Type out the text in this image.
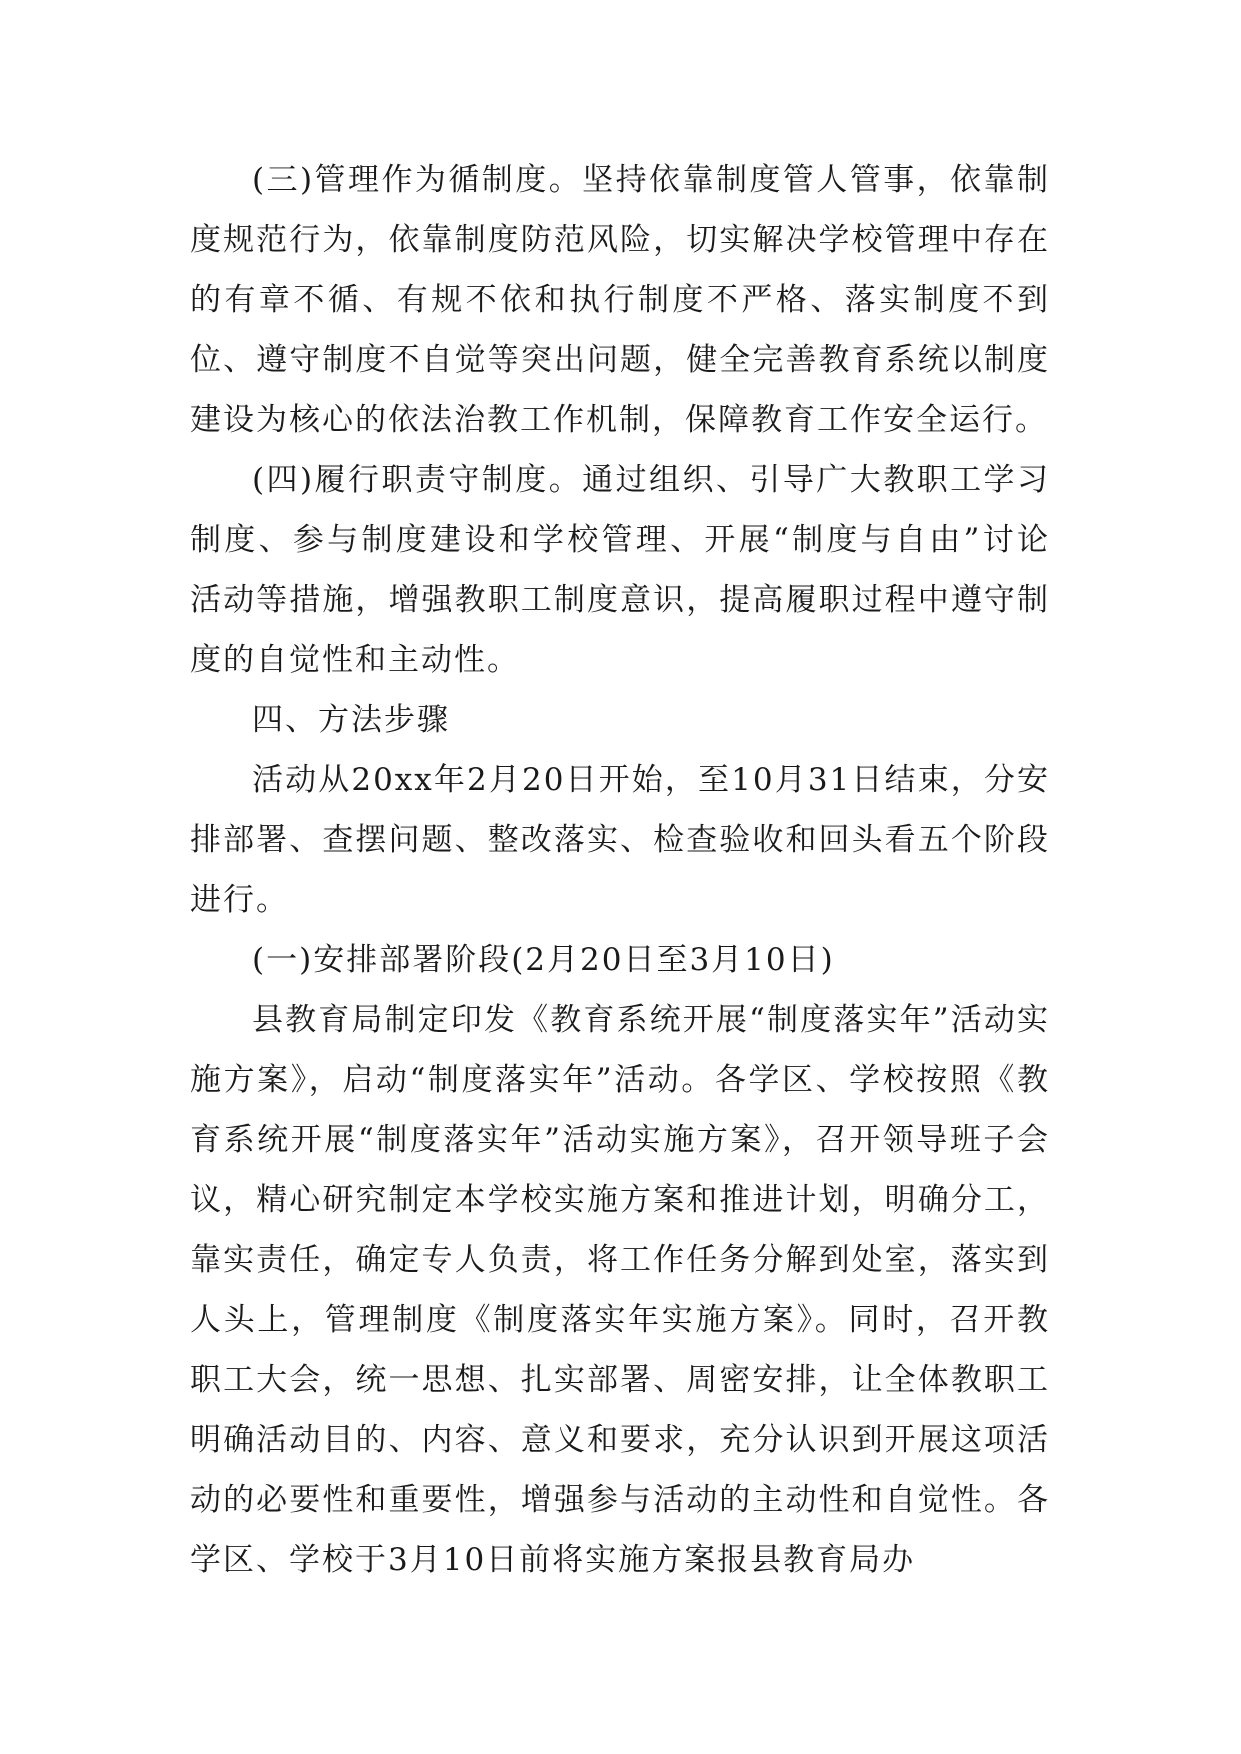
(三)管理作为循制度。坚持依靠制度管人管事，依靠制度规范行为，依靠制度防范风险，切实解决学校管理中存在的有章不循、有规不依和执行制度不严格、落实制度不到位、遵守制度不自觉等突出问题，健全完善教育系统以制度建设为核心的依法治教工作机制，保障教育工作安全运行。

(四)履行职责守制度。通过组织、引导广大教职工学习制度、参与制度建设和学校管理、开展“制度与自由”讨论活动等措施，增强教职工制度意识，提高履职过程中遵守制度的自觉性和主动性。

四、方法步骤

活动从20xx年2月20日开始，至10月31日结束，分安排部署、查摆问题、整改落实、检查验收和回头看五个阶段进行。

(一)安排部署阶段(2月20日至3月10日)

县教育局制定印发《教育系统开展“制度落实年”活动实施方案》，启动“制度落实年”活动。各学区、学校按照《教育系统开展“制度落实年”活动实施方案》，召开领导班子会议，精心研究制定本学校实施方案和推进计划，明确分工，靠实责任，确定专人负责，将工作任务分解到处室，落实到人头上，管理制度《制度落实年实施方案》。同时，召开教职工大会，统一思想、扎实部署、周密安排，让全体教职工明确活动目的、内容、意义和要求，充分认识到开展这项活动的必要性和重要性，增强参与活动的主动性和自觉性。各学区、学校于3月10日前将实施方案报县教育局办
